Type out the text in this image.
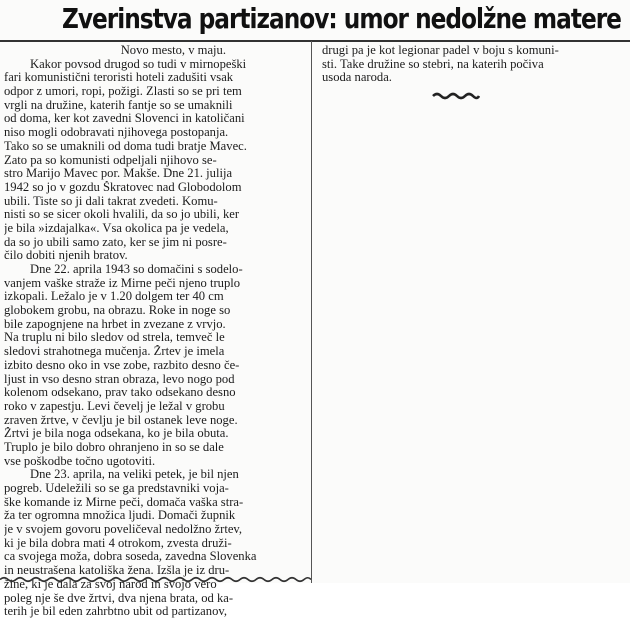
Zverinstva partizanov: umor nedolžne matere
Novo mesto, v maju.
Kakor povsod drugod so tudi v mirnopeški
fari komunistični teroristi hoteli zadušiti vsak
odpor z umori, ropi, požigi. Zlasti so se pri tem
vrgli na družine, katerih fantje so se umaknili
od doma, ker kot zavedni Slovenci in katoličani
niso mogli odobravati njihovega postopanja.
Tako so se umaknili od doma tudi bratje Mavec.
Zato pa so komunisti odpeljali njihovo se-
stro Marijo Mavec por. Makše. Dne 21. julija
1942 so jo v gozdu Škratovec nad Globodolom
ubili. Tiste so ji dali takrat zvedeti. Komu-
nisti so se sicer okoli hvalili, da so jo ubili, ker
je bila »izdajalka«. Vsa okolica pa je vedela,
da so jo ubili samo zato, ker se jim ni posre-
čilo dobiti njenih bratov.
Dne 22. aprila 1943 so domačini s sodelo-
vanjem vaške straže iz Mirne peči njeno truplo
izkopali. Ležalo je v 1.20 dolgem ter 40 cm
globokem grobu, na obrazu. Roke in noge so
bile zapognjene na hrbet in zvezane z vrvjo.
Na truplu ni bilo sledov od strela, temveč le
sledovi strahotnega mučenja. Žrtev je imela
izbito desno oko in vse zobe, razbito desno če-
ljust in vso desno stran obraza, levo nogo pod
kolenom odsekano, prav tako odsekano desno
roko v zapestju. Levi čevelj je ležal v grobu
zraven žrtve, v čevlju je bil ostanek leve noge.
Žrtvi je bila noga odsekana, ko je bila obuta.
Truplo je bilo dobro ohranjeno in so se dale
vse poškodbe točno ugotoviti.
Dne 23. aprila, na veliki petek, je bil njen
pogreb. Udeležili so se ga predstavniki voja-
ške komande iz Mirne peči, domača vaška stra-
ža ter ogromna množica ljudi. Domači župnik
je v svojem govoru poveličeval nedolžno žrtev,
ki je bila dobra mati 4 otrokom, zvesta druži-
ca svojega moža, dobra soseda, zavedna Slovenka
in neustrašena katoliška žena. Izšla je iz dru-
žine, ki je dala za svoj narod in svojo vero
poleg nje še dve žrtvi, dva njena brata, od ka-
terih je bil eden zahrbtno ubit od partizanov,
drugi pa je kot legionar padel v boju s komuni-
sti. Take družine so stebri, na katerih počiva
usoda naroda.
